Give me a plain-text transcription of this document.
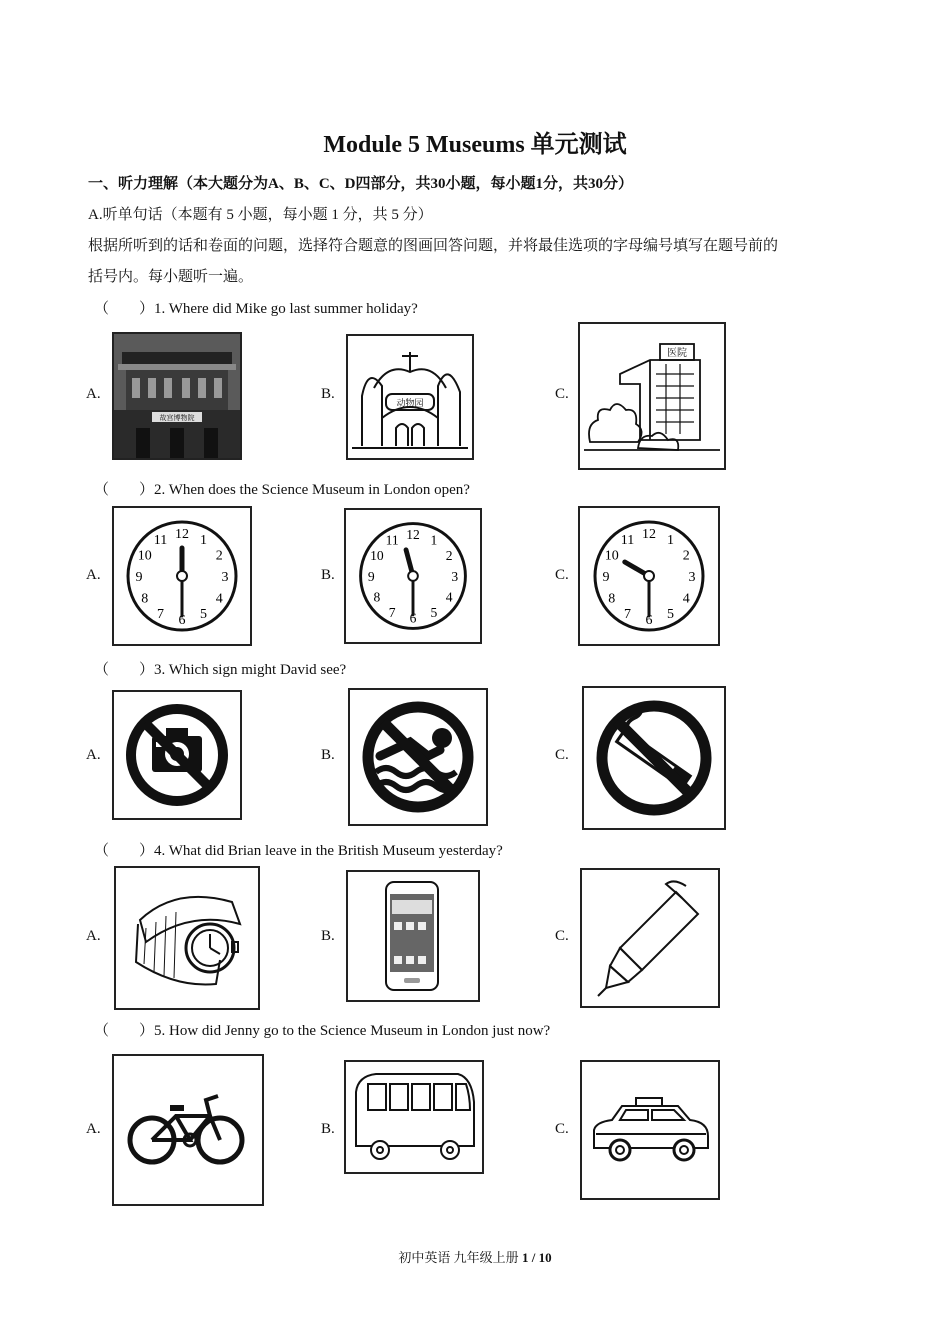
Module 5 Museums 单元测试
一、听力理解（本大题分为A、B、C、D四部分，共30小题，每小题1分，共30分）
A.听单句话（本题有 5 小题，每小题 1 分，共 5 分）
根据所听到的话和卷面的问题，选择符合题意的图画回答问题，并将最佳选项的字母编号填写在题号前的
括号内。每小题听一遍。
（　　）1. Where did Mike go last summer holiday?
A.	B.	C.
故宫博物院
动物园
医院
（　　）2. When does the Science Museum in London open?
A.	B.	C.
12 1
2
3
4
5
6
7
8
9
10
11	12 1
2
3
4
5
6
7
8
9
10
11	12 1
2
3
4
5
6
7
8
9
10
11
（　　）3. Which sign might David see?
A.	B.	C.
（　　）4. What did Brian leave in the British Museum yesterday?
A.	B.	C.
（　　）5. How did Jenny go to the Science Museum in London just now?
A.	B.	C.
初中英语 九年级上册 1 / 10
